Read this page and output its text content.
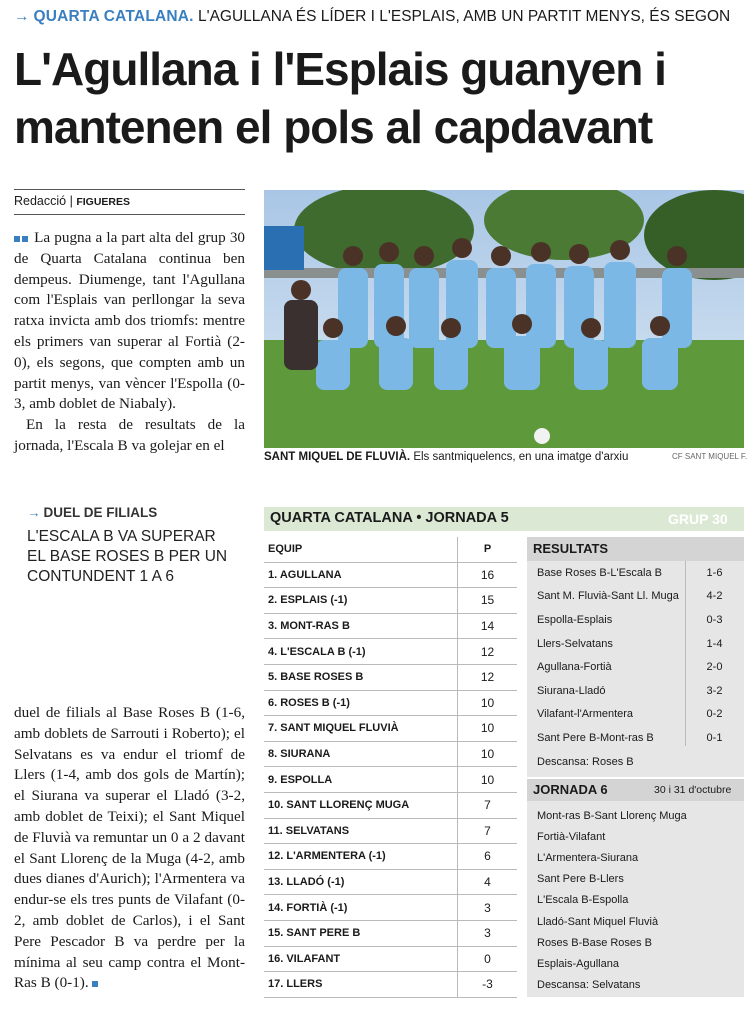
→ QUARTA CATALANA. L'AGULLANA ÉS LÍDER I L'ESPLAIS, AMB UN PARTIT MENYS, ÉS SEGON
L'Agullana i l'Esplais guanyen i
mantenen el pols al capdavant
Redacció | FIGUERES

La pugna a la part alta del grup 30 de Quarta Catalana continua ben dempeus. Diumenge, tant l'Agullana com l'Esplais van perllongar la seva ratxa invicta amb dos triomfs: mentre els primers van superar al Fortià (2-0), els segons, que compten amb un partit menys, van vèncer l'Espolla (0-3, amb doblet de Niabaly).

En la resta de resultats de la jornada, l'Escala B va golejar en el

SANT MIQUEL DE FLUVIÀ. Els santmiquelencs, en una imatge d'arxiu	CF SANT MIQUEL F.
→ DUEL DE FILIALS
L'ESCALA B VA SUPERAR EL BASE ROSES B PER UN CONTUNDENT 1 A 6
duel de filials al Base Roses B (1-6, amb doblets de Sarrouti i Roberto); el Selvatans es va endur el triomf de Llers (1-4, amb dos gols de Martín); el Siurana va superar el Lladó (3-2, amb doblet de Teixi); el Sant Miquel de Fluvià va remuntar un 0 a 2 davant el Sant Llorenç de la Muga (4-2, amb dues dianes d'Aurich); l'Armentera va endur-se els tres punts de Vilafant (0-2, amb doblet de Carlos), i el Sant Pere Pescador B va perdre per la mínima al seu camp contra el Mont-Ras B (0-1).
QUARTA CATALANA • JORNADA 5	GRUP 30
EQUIP	P
1. AGULLANA	16
2. ESPLAIS (-1)	15
3. MONT-RAS B	14
4. L'ESCALA B (-1)	12
5. BASE ROSES B	12
6. ROSES B (-1)	10
7. SANT MIQUEL FLUVIÀ	10
8. SIURANA	10
9. ESPOLLA	10
10. SANT LLORENÇ MUGA	7
11. SELVATANS	7
12. L'ARMENTERA (-1)	6
13. LLADÓ (-1)	4
14. FORTIÀ (-1)	3
15. SANT PERE B	3
16. VILAFANT	0
17. LLERS	-3
RESULTATS
Base Roses B-L'Escala B	1-6
Sant M. Fluvià-Sant Ll. Muga	4-2
Espolla-Esplais	0-3
Llers-Selvatans	1-4
Agullana-Fortià	2-0
Siurana-Lladó	3-2
Vilafant-l'Armentera	0-2
Sant Pere B-Mont-ras B	0-1
Descansa: Roses B
JORNADA 6	30 i 31 d'octubre
Mont-ras B-Sant Llorenç Muga
Fortià-Vilafant
L'Armentera-Siurana
Sant Pere B-Llers
L'Escala B-Espolla
Lladó-Sant Miquel Fluvià
Roses B-Base Roses B
Esplais-Agullana
Descansa: Selvatans
